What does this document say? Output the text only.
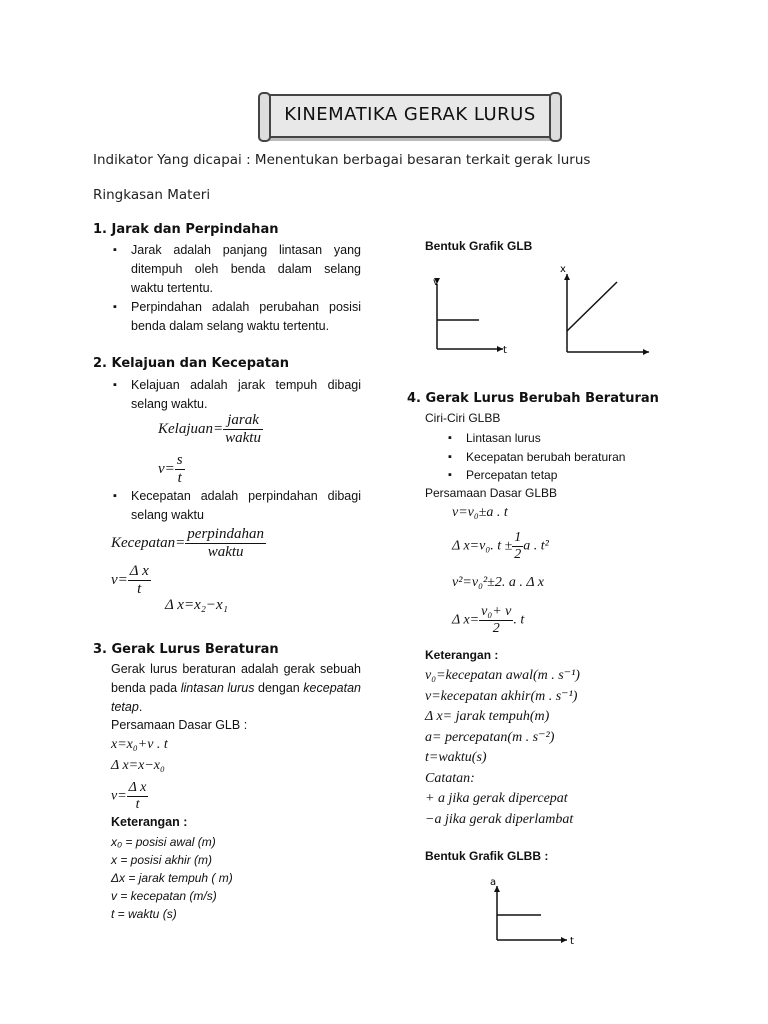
KINEMATIKA GERAK LURUS
Indikator Yang dicapai : Menentukan berbagai besaran terkait gerak lurus
Ringkasan Materi
1. Jarak dan Perpindahan
▪ Jarak adalah panjang lintasan yang ditempuh oleh benda dalam selang waktu tertentu.
▪ Perpindahan adalah perubahan posisi benda dalam selang waktu tertentu.
2. Kelajuan dan Kecepatan
▪ Kelajuan adalah jarak tempuh dibagi selang waktu.
Kelajuan= $\frac{\text{jarak}}{\text{waktu}}$
$v= \frac{s}{t}$
▪ Kecepatan adalah perpindahan dibagi selang waktu
Kecepatan= $\frac{\text{perpindahan}}{\text{waktu}}$
$v= \frac{\text{Δ x}}{t}$
Δ x=x₂−x₁
3. Gerak Lurus Beraturan
Gerak lurus beraturan adalah gerak sebuah benda pada lintasan lurus dengan kecepatan tetap.
Persamaan Dasar GLB :
x=x₀+v . t
Δ x=x−x₀
$v= \frac{\text{Δ x}}{t}$
Keterangan :
x₀ = posisi awal (m)
x = posisi akhir (m)
Δx = jarak tempuh ( m)
v = kecepatan (m/s)
t = waktu (s)
Bentuk Grafik GLB
v
t
x
4. Gerak Lurus Berubah Beraturan
Ciri-Ciri GLBB
▪ Lintasan lurus
▪ Kecepatan berubah beraturan
▪ Percepatan tetap
Persamaan Dasar GLBB
v=v₀±a . t
Δ x=v₀. $t \pm \frac{1}{2}$ a . t²
v²=v₀²±2. a . Δ x
Δ $x= \frac{\text{v₀+ v}}{2}$ . t
Keterangan :
v₀=kecepatan awal(m . s⁻¹)
v=kecepatan akhir(m . s⁻¹)
Δ x= jarak tempuh(m)
a= percepatan(m . s⁻²)
t=waktu(s)
Catatan:
+ a jika gerak dipercepat
−a jika gerak diperlambat
Bentuk Grafik GLBB :
a
t
